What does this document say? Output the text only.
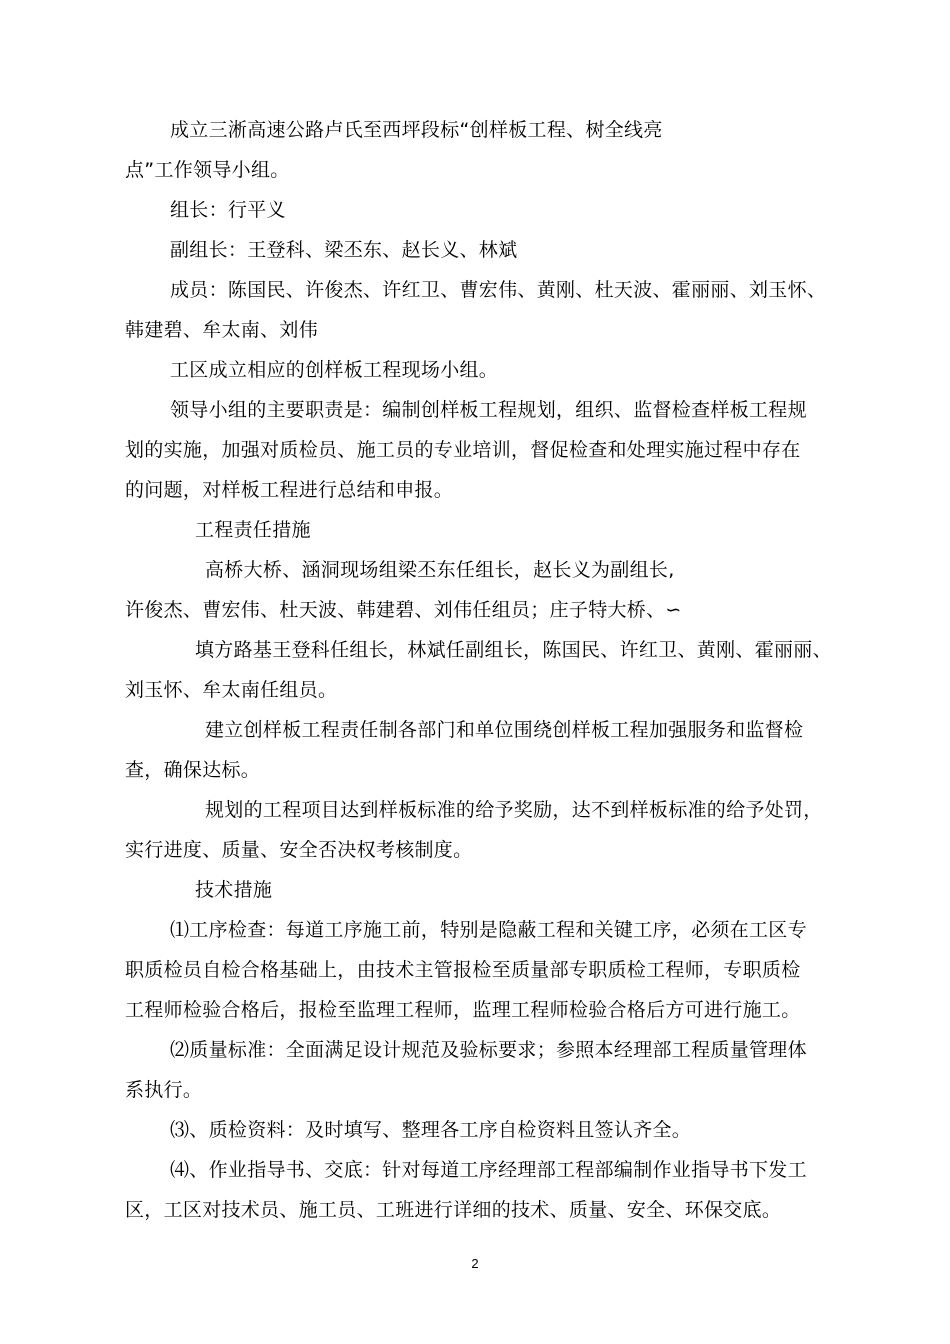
成立三淅高速公路卢氏至西坪段标“创样板工程、树全线亮
点”工作领导小组。
组长：行平义
副组长：王登科、梁丕东、赵长义、林斌
成员：陈国民、许俊杰、许红卫、曹宏伟、黄刚、杜天波、霍丽丽、刘玉怀、
韩建碧、牟太南、刘伟
工区成立相应的创样板工程现场小组。
领导小组的主要职责是：编制创样板工程规划，组织、监督检查样板工程规
划的实施，加强对质检员、施工员的专业培训，督促检查和处理实施过程中存在
的问题，对样板工程进行总结和申报。
工程责任措施
高桥大桥、涵洞现场组梁丕东任组长，赵长义为副组长,
许俊杰、曹宏伟、杜天波、韩建碧、刘伟任组员；庄子特大桥、∽
填方路基王登科任组长，林斌任副组长，陈国民、许红卫、黄刚、霍丽丽、
刘玉怀、牟太南任组员。
建立创样板工程责任制各部门和单位围绕创样板工程加强服务和监督检
查，确保达标。
规划的工程项目达到样板标准的给予奖励，达不到样板标准的给予处罚，
实行进度、质量、安全否决权考核制度。
技术措施
⑴工序检查：每道工序施工前，特别是隐蔽工程和关键工序，必须在工区专
职质检员自检合格基础上，由技术主管报检至质量部专职质检工程师，专职质检
工程师检验合格后，报检至监理工程师，监理工程师检验合格后方可进行施工。
⑵质量标准：全面满足设计规范及验标要求；参照本经理部工程质量管理体
系执行。
⑶、质检资料：及时填写、整理各工序自检资料且签认齐全。
⑷、作业指导书、交底：针对每道工序经理部工程部编制作业指导书下发工
区，工区对技术员、施工员、工班进行详细的技术、质量、安全、环保交底。
2
